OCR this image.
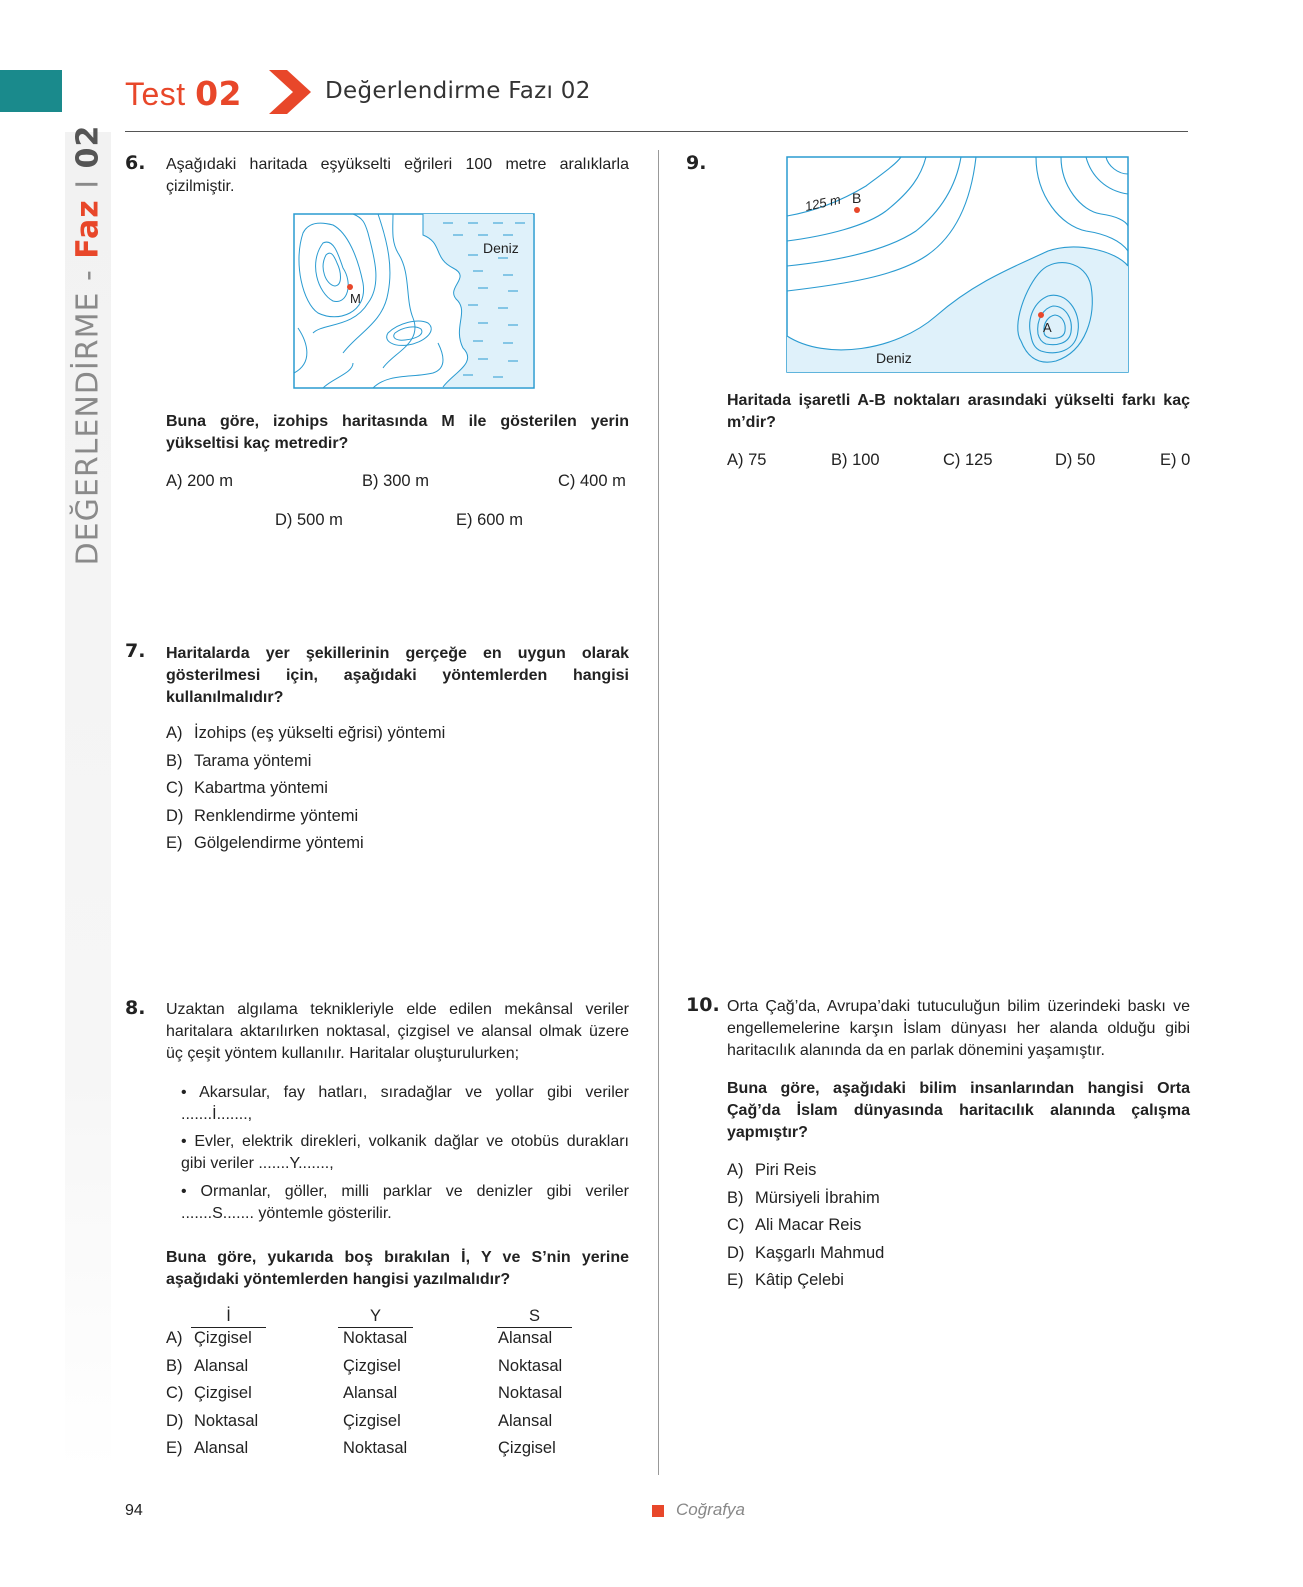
Test 02	Değerlendirme Fazı 02
DEĞERLENDİRME - Faz I 02 6. Aşağıdaki haritada eşyükselti eğrileri 100 metre aralıklarla çizilmiştir.
M
Deniz
Buna göre, izohips haritasında M ile gösterilen yerin yükseltisi kaç metredir?
A) 200 m	B) 300 m	C) 400 m
D) 500 m	E) 600 m
7. Haritalarda yer şekillerinin gerçeğe en uygun olarak gösterilmesi için, aşağıdaki yöntemlerden hangisi kullanılmalıdır?
A) İzohips (eş yükselti eğrisi) yöntemi
B) Tarama yöntemi
C) Kabartma yöntemi
D) Renklendirme yöntemi
E) Gölgelendirme yöntemi
8. Uzaktan algılama teknikleriyle elde edilen mekânsal veriler haritalara aktarılırken noktasal, çizgisel ve alansal olmak üzere üç çeşit yöntem kullanılır. Haritalar oluşturulurken;
• Akarsular, fay hatları, sıradağlar ve yollar gibi veriler .......İ.......,
• Evler, elektrik direkleri, volkanik dağlar ve otobüs durakları gibi veriler .......Y.......,
• Ormanlar, göller, milli parklar ve denizler gibi veriler .......S....... yöntemle gösterilir.
Buna göre, yukarıda boş bırakılan İ, Y ve S’nin yerine aşağıdaki yöntemlerden hangisi yazılmalıdır?
İ	Y	S
A) Çizgisel	Noktasal	Alansal
B) Alansal	Çizgisel	Noktasal
C) Çizgisel	Alansal	Noktasal
D) Noktasal	Çizgisel	Alansal
E) Alansal	Noktasal	Çizgisel
9.
125 m B
A
Deniz
Haritada işaretli A-B noktaları arasındaki yükselti farkı kaç m’dir?
A) 75	B) 100	C) 125	D) 50	E) 0
10. Orta Çağ’da, Avrupa’daki tutuculuğun bilim üzerindeki baskı ve engellemelerine karşın İslam dünyası her alanda olduğu gibi haritacılık alanında da en parlak dönemini yaşamıştır.
Buna göre, aşağıdaki bilim insanlarından hangisi Orta Çağ’da İslam dünyasında haritacılık alanında çalışma yapmıştır?
A) Piri Reis
B) Mürsiyeli İbrahim
C) Ali Macar Reis
D) Kaşgarlı Mahmud
E) Kâtip Çelebi
94	Coğrafya
